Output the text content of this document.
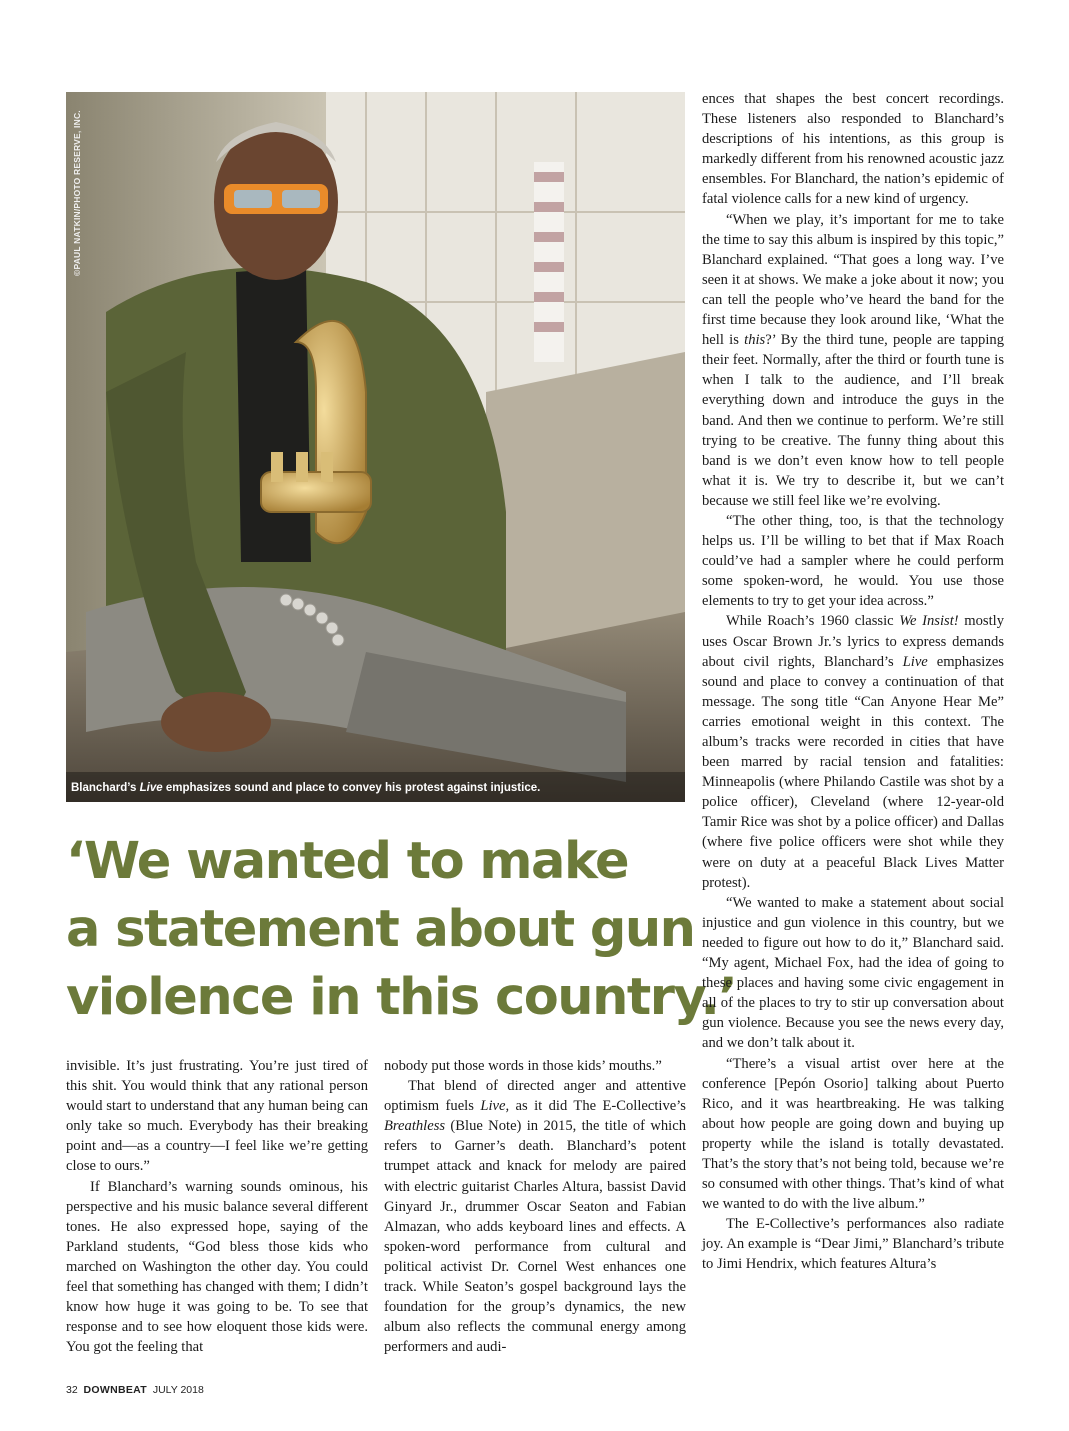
©PAUL NATKIN/PHOTO RESERVE, INC.
Blanchard’s Live emphasizes sound and place to convey his protest against injustice.
‘We wanted to make
a statement about gun
violence in this country.’

invisible. It’s just frustrating. You’re just tired of this shit. You would think that any rational person would start to understand that any human being can only take so much. Everybody has their breaking point and—as a country—I feel like we’re getting close to ours.”

If Blanchard’s warning sounds ominous, his perspective and his music balance several different tones. He also expressed hope, saying of the Parkland students, “God bless those kids who marched on Washington the other day. You could feel that something has changed with them; I didn’t know how huge it was going to be. To see that response and to see how eloquent those kids were. You got the feeling that

nobody put those words in those kids’ mouths.”

That blend of directed anger and attentive optimism fuels Live, as it did The E-Collective’s Breathless (Blue Note) in 2015, the title of which refers to Garner’s death. Blanchard’s potent trumpet attack and knack for melody are paired with electric guitarist Charles Altura, bassist David Ginyard Jr., drummer Oscar Seaton and Fabian Almazan, who adds keyboard lines and effects. A spoken-word performance from cultural and political activist Dr. Cornel West enhances one track. While Seaton’s gospel background lays the foundation for the group’s dynamics, the new album also reflects the communal energy among performers and audi-

ences that shapes the best concert recordings. These listeners also responded to Blanchard’s descriptions of his intentions, as this group is markedly different from his renowned acoustic jazz ensembles. For Blanchard, the nation’s epidemic of fatal violence calls for a new kind of urgency.

“When we play, it’s important for me to take the time to say this album is inspired by this topic,” Blanchard explained. “That goes a long way. I’ve seen it at shows. We make a joke about it now; you can tell the people who’ve heard the band for the first time because they look around like, ‘What the hell is this?’ By the third tune, people are tapping their feet. Normally, after the third or fourth tune is when I talk to the audience, and I’ll break everything down and introduce the guys in the band. And then we continue to perform. We’re still trying to be creative. The funny thing about this band is we don’t even know how to tell people what it is. We try to describe it, but we can’t because we still feel like we’re evolving.

“The other thing, too, is that the technology helps us. I’ll be willing to bet that if Max Roach could’ve had a sampler where he could perform some spoken-word, he would. You use those elements to try to get your idea across.”

While Roach’s 1960 classic We Insist! mostly uses Oscar Brown Jr.’s lyrics to express demands about civil rights, Blanchard’s Live emphasizes sound and place to convey a continuation of that message. The song title “Can Anyone Hear Me” carries emotional weight in this context. The album’s tracks were recorded in cities that have been marred by racial tension and fatalities: Minneapolis (where Philando Castile was shot by a police officer), Cleveland (where 12-year-old Tamir Rice was shot by a police officer) and Dallas (where five police officers were shot while they were on duty at a peaceful Black Lives Matter protest).

“We wanted to make a statement about social injustice and gun violence in this country, but we needed to figure out how to do it,” Blanchard said. “My agent, Michael Fox, had the idea of going to these places and having some civic engagement in all of the places to try to stir up conversation about gun violence. Because you see the news every day, and we don’t talk about it.

“There’s a visual artist over here at the conference [Pepón Osorio] talking about Puerto Rico, and it was heartbreaking. He was talking about how people are going down and buying up property while the island is totally devastated. That’s the story that’s not being told, because we’re so consumed with other things. That’s kind of what we wanted to do with the live album.”

The E-Collective’s performances also radiate joy. An example is “Dear Jimi,” Blanchard’s tribute to Jimi Hendrix, which features Altura’s

32 DOWNBEAT JULY 2018
